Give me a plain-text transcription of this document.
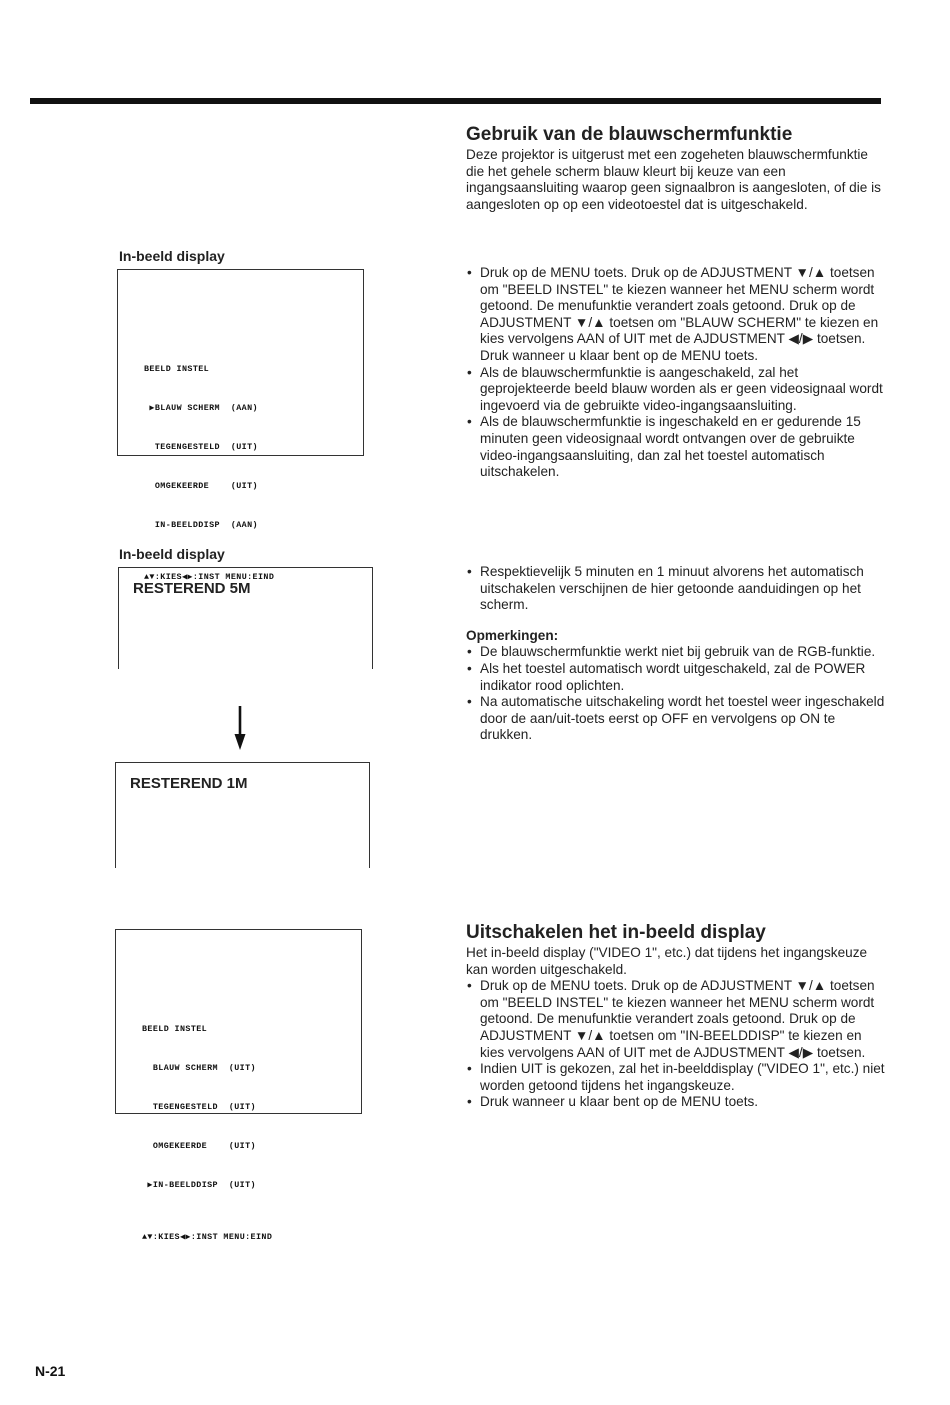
In-beeld display

BEELD INSTEL

▶BLAUW SCHERM  (AAN)

TEGENGESTELD  (UIT)

OMGEKEERDE    (UIT)

IN-BEELDDISP  (AAN)

▲▼:KIES◀▶:INST MENU:EIND

In-beeld display
RESTEREND 5M
RESTEREND 1M

BEELD INSTEL

BLAUW SCHERM  (UIT)

TEGENGESTELD  (UIT)

OMGEKEERDE    (UIT)

▶IN-BEELDDISP  (UIT)

▲▼:KIES◀▶:INST MENU:EIND

Gebruik van de blauwschermfunktie

Deze projektor is uitgerust met een zogeheten blauwschermfunktie die het gehele scherm blauw kleurt bij keuze van een ingangsaansluiting waarop geen signaalbron is aangesloten, of die is aangesloten op op een videotoestel dat is uitgeschakeld.

• Druk op de MENU toets. Druk op de ADJUSTMENT ▼/▲ toetsen om "BEELD INSTEL" te kiezen wanneer het MENU scherm wordt getoond. De menufunktie verandert zoals getoond. Druk op de ADJUSTMENT ▼/▲ toetsen om "BLAUW SCHERM" te kiezen en kies vervolgens AAN of UIT met de AJDUSTMENT ◀/▶ toetsen. Druk wanneer u klaar bent op de MENU toets.
• Als de blauwschermfunktie is aangeschakeld, zal het geprojekteerde beeld blauw worden als er geen videosignaal wordt ingevoerd via de gebruikte video-ingangsaansluiting.
• Als de blauwschermfunktie is ingeschakeld en er gedurende 15 minuten geen videosignaal wordt ontvangen over de gebruikte video-ingangsaansluiting, dan zal het toestel automatisch uitschakelen.
• Respektievelijk 5 minuten en 1 minuut alvorens het automatisch uitschakelen verschijnen de hier getoonde aanduidingen op het scherm.

Opmerkingen:

• De blauwschermfunktie werkt niet bij gebruik van de RGB-funktie.
• Als het toestel automatisch wordt uitgeschakeld, zal de POWER indikator rood oplichten.
• Na automatische uitschakeling wordt het toestel weer ingeschakeld door de aan/uit-toets eerst op OFF en vervolgens op ON te drukken.
Uitschakelen het in-beeld display

Het in-beeld display ("VIDEO 1", etc.) dat tijdens het ingangskeuze kan worden uitgeschakeld.

• Druk op de MENU toets. Druk op de ADJUSTMENT ▼/▲ toetsen om "BEELD INSTEL" te kiezen wanneer het MENU scherm wordt getoond. De menufunktie verandert zoals getoond. Druk op de ADJUSTMENT ▼/▲ toetsen om "IN-BEELDDISP" te kiezen en kies vervolgens AAN of UIT met de AJDUSTMENT ◀/▶ toetsen.
• Indien UIT is gekozen, zal het in-beelddisplay ("VIDEO 1", etc.) niet worden getoond tijdens het ingangskeuze.
• Druk wanneer u klaar bent op de MENU toets.
N-21
